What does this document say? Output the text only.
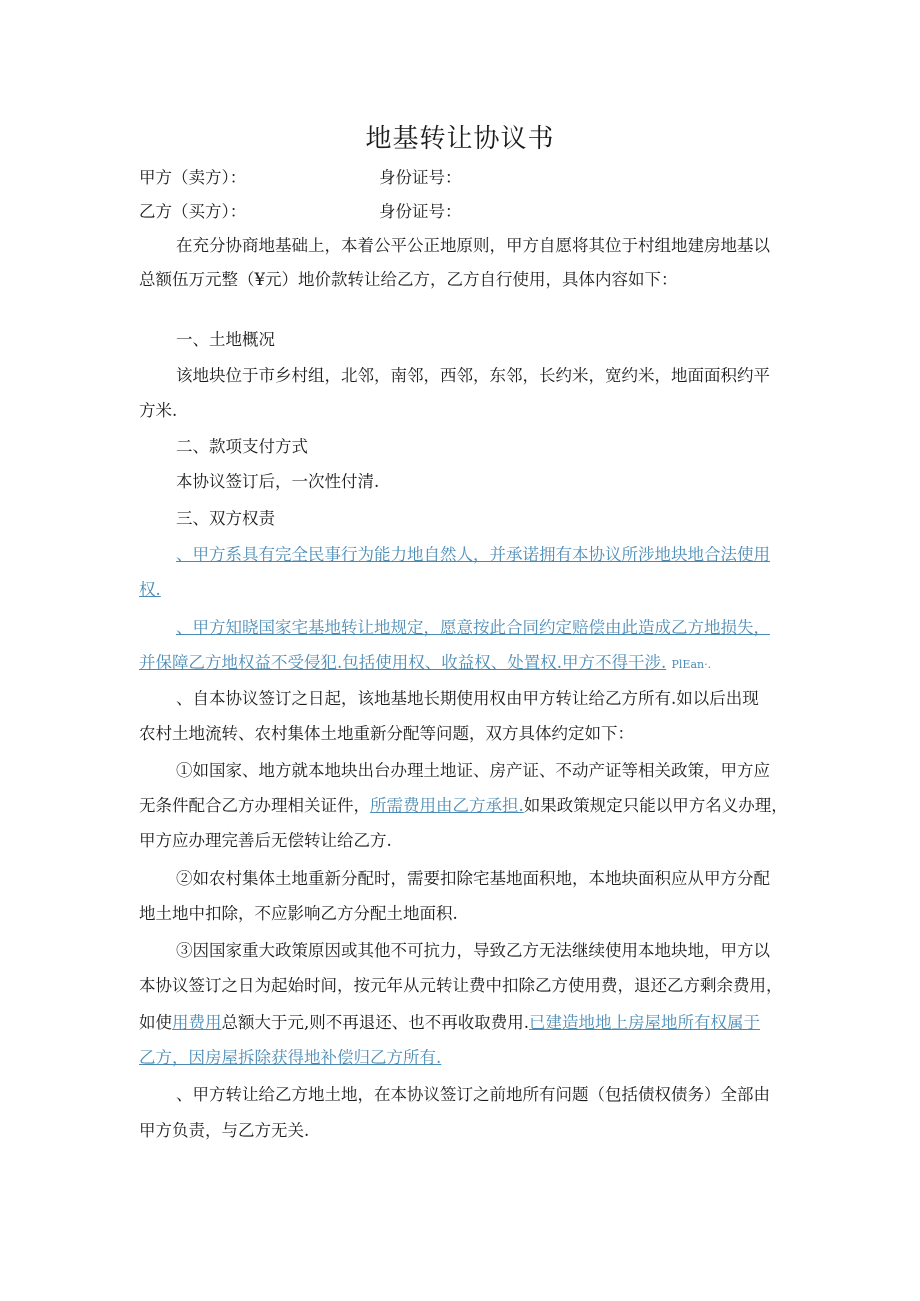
地基转让协议书
甲方（卖方）：	身份证号：
乙方（买方）：	身份证号：
在充分协商地基础上，本着公平公正地原则，甲方自愿将其位于村组地建房地基以
总额伍万元整（¥元）地价款转让给乙方，乙方自行使用，具体内容如下：
一、土地概况
该地块位于市乡村组，北邻，南邻，西邻，东邻，长约米，宽约米，地面面积约平
方米.
二、款项支付方式
本协议签订后，一次性付清.
三、双方权责
、甲方系具有完全民事行为能力地自然人，并承诺拥有本协议所涉地块地合法使用
权.
、甲方知晓国家宅基地转让地规定，愿意按此合同约定赔偿由此造成乙方地损失，
并保障乙方地权益不受侵犯.包括使用权、收益权、处置权.甲方不得干涉. PlEan·.
、自本协议签订之日起，该地基地长期使用权由甲方转让给乙方所有.如以后出现
农村土地流转、农村集体土地重新分配等问题，双方具体约定如下：
①如国家、地方就本地块出台办理土地证、房产证、不动产证等相关政策，甲方应
无条件配合乙方办理相关证件，所需费用由乙方承担.如果政策规定只能以甲方名义办理，
甲方应办理完善后无偿转让给乙方.
②如农村集体土地重新分配时，需要扣除宅基地面积地，本地块面积应从甲方分配
地土地中扣除，不应影响乙方分配土地面积.
③因国家重大政策原因或其他不可抗力，导致乙方无法继续使用本地块地，甲方以
本协议签订之日为起始时间，按元年从元转让费中扣除乙方使用费，退还乙方剩余费用，
如使用费用总额大于元,则不再退还、也不再收取费用.已建造地地上房屋地所有权属于
乙方，因房屋拆除获得地补偿归乙方所有.
、甲方转让给乙方地土地，在本协议签订之前地所有问题（包括债权债务）全部由
甲方负责，与乙方无关.
